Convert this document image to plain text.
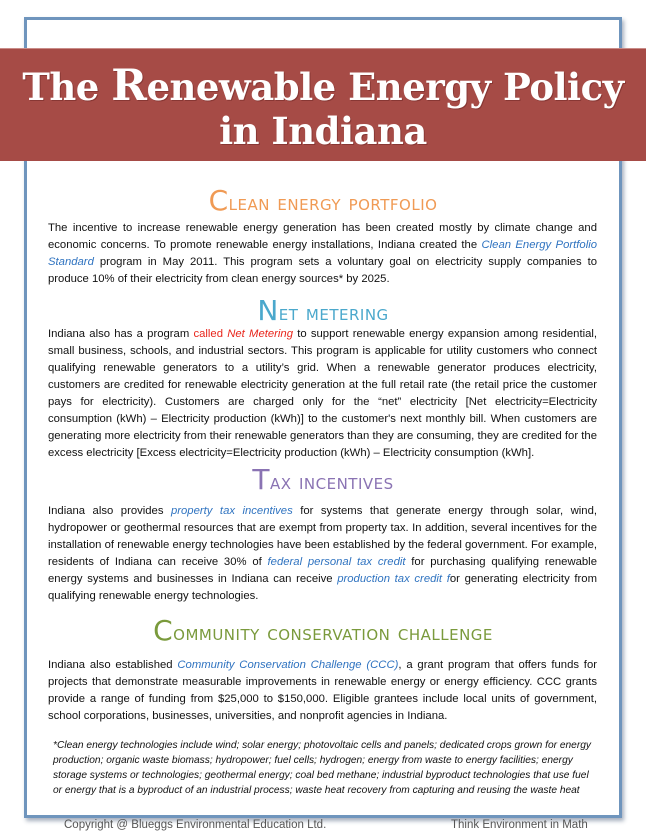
The Renewable Energy Policy
in Indiana
Clean energy portfolio
The incentive to increase renewable energy generation has been created mostly by climate change and economic concerns. To promote renewable energy installations, Indiana created the Clean Energy Portfolio Standard program in May 2011. This program sets a voluntary goal on electricity supply companies to produce 10% of their electricity from clean energy sources* by 2025.
Net metering
Indiana also has a program called Net Metering to support renewable energy expansion among residential, small business, schools, and industrial sectors. This program is applicable for utility customers who connect qualifying renewable generators to a utility’s grid. When a renewable generator produces electricity, customers are credited for renewable electricity generation at the full retail rate (the retail price the customer pays for electricity). Customers are charged only for the “net” electricity [Net electricity=Electricity consumption (kWh) – Electricity production (kWh)] to the customer's next monthly bill. When customers are generating more electricity from their renewable generators than they are consuming, they are credited for the excess electricity [Excess electricity=Electricity production (kWh) – Electricity consumption (kWh].
Tax incentives
Indiana also provides property tax incentives for systems that generate energy through solar, wind, hydropower or geothermal resources that are exempt from property tax. In addition, several incentives for the installation of renewable energy technologies have been established by the federal government. For example, residents of Indiana can receive 30% of federal personal tax credit for purchasing qualifying renewable energy systems and businesses in Indiana can receive production tax credit for generating electricity from qualifying renewable energy technologies.
Community conservation challenge
Indiana also established Community Conservation Challenge (CCC), a grant program that offers funds for projects that demonstrate measurable improvements in renewable energy or energy efficiency. CCC grants provide a range of funding from $25,000 to $150,000. Eligible grantees include local units of government, school corporations, businesses, universities, and nonprofit agencies in Indiana.
*Clean energy technologies include wind; solar energy; photovoltaic cells and panels; dedicated crops grown for energy production; organic waste biomass; hydropower; fuel cells; hydrogen; energy from waste to energy facilities; energy storage systems or technologies; geothermal energy; coal bed methane; industrial byproduct technologies that use fuel or energy that is a byproduct of an industrial process; waste heat recovery from capturing and reusing the waste heat
Copyright @ Blueggs Environmental Education Ltd.	Think Environment in Math
